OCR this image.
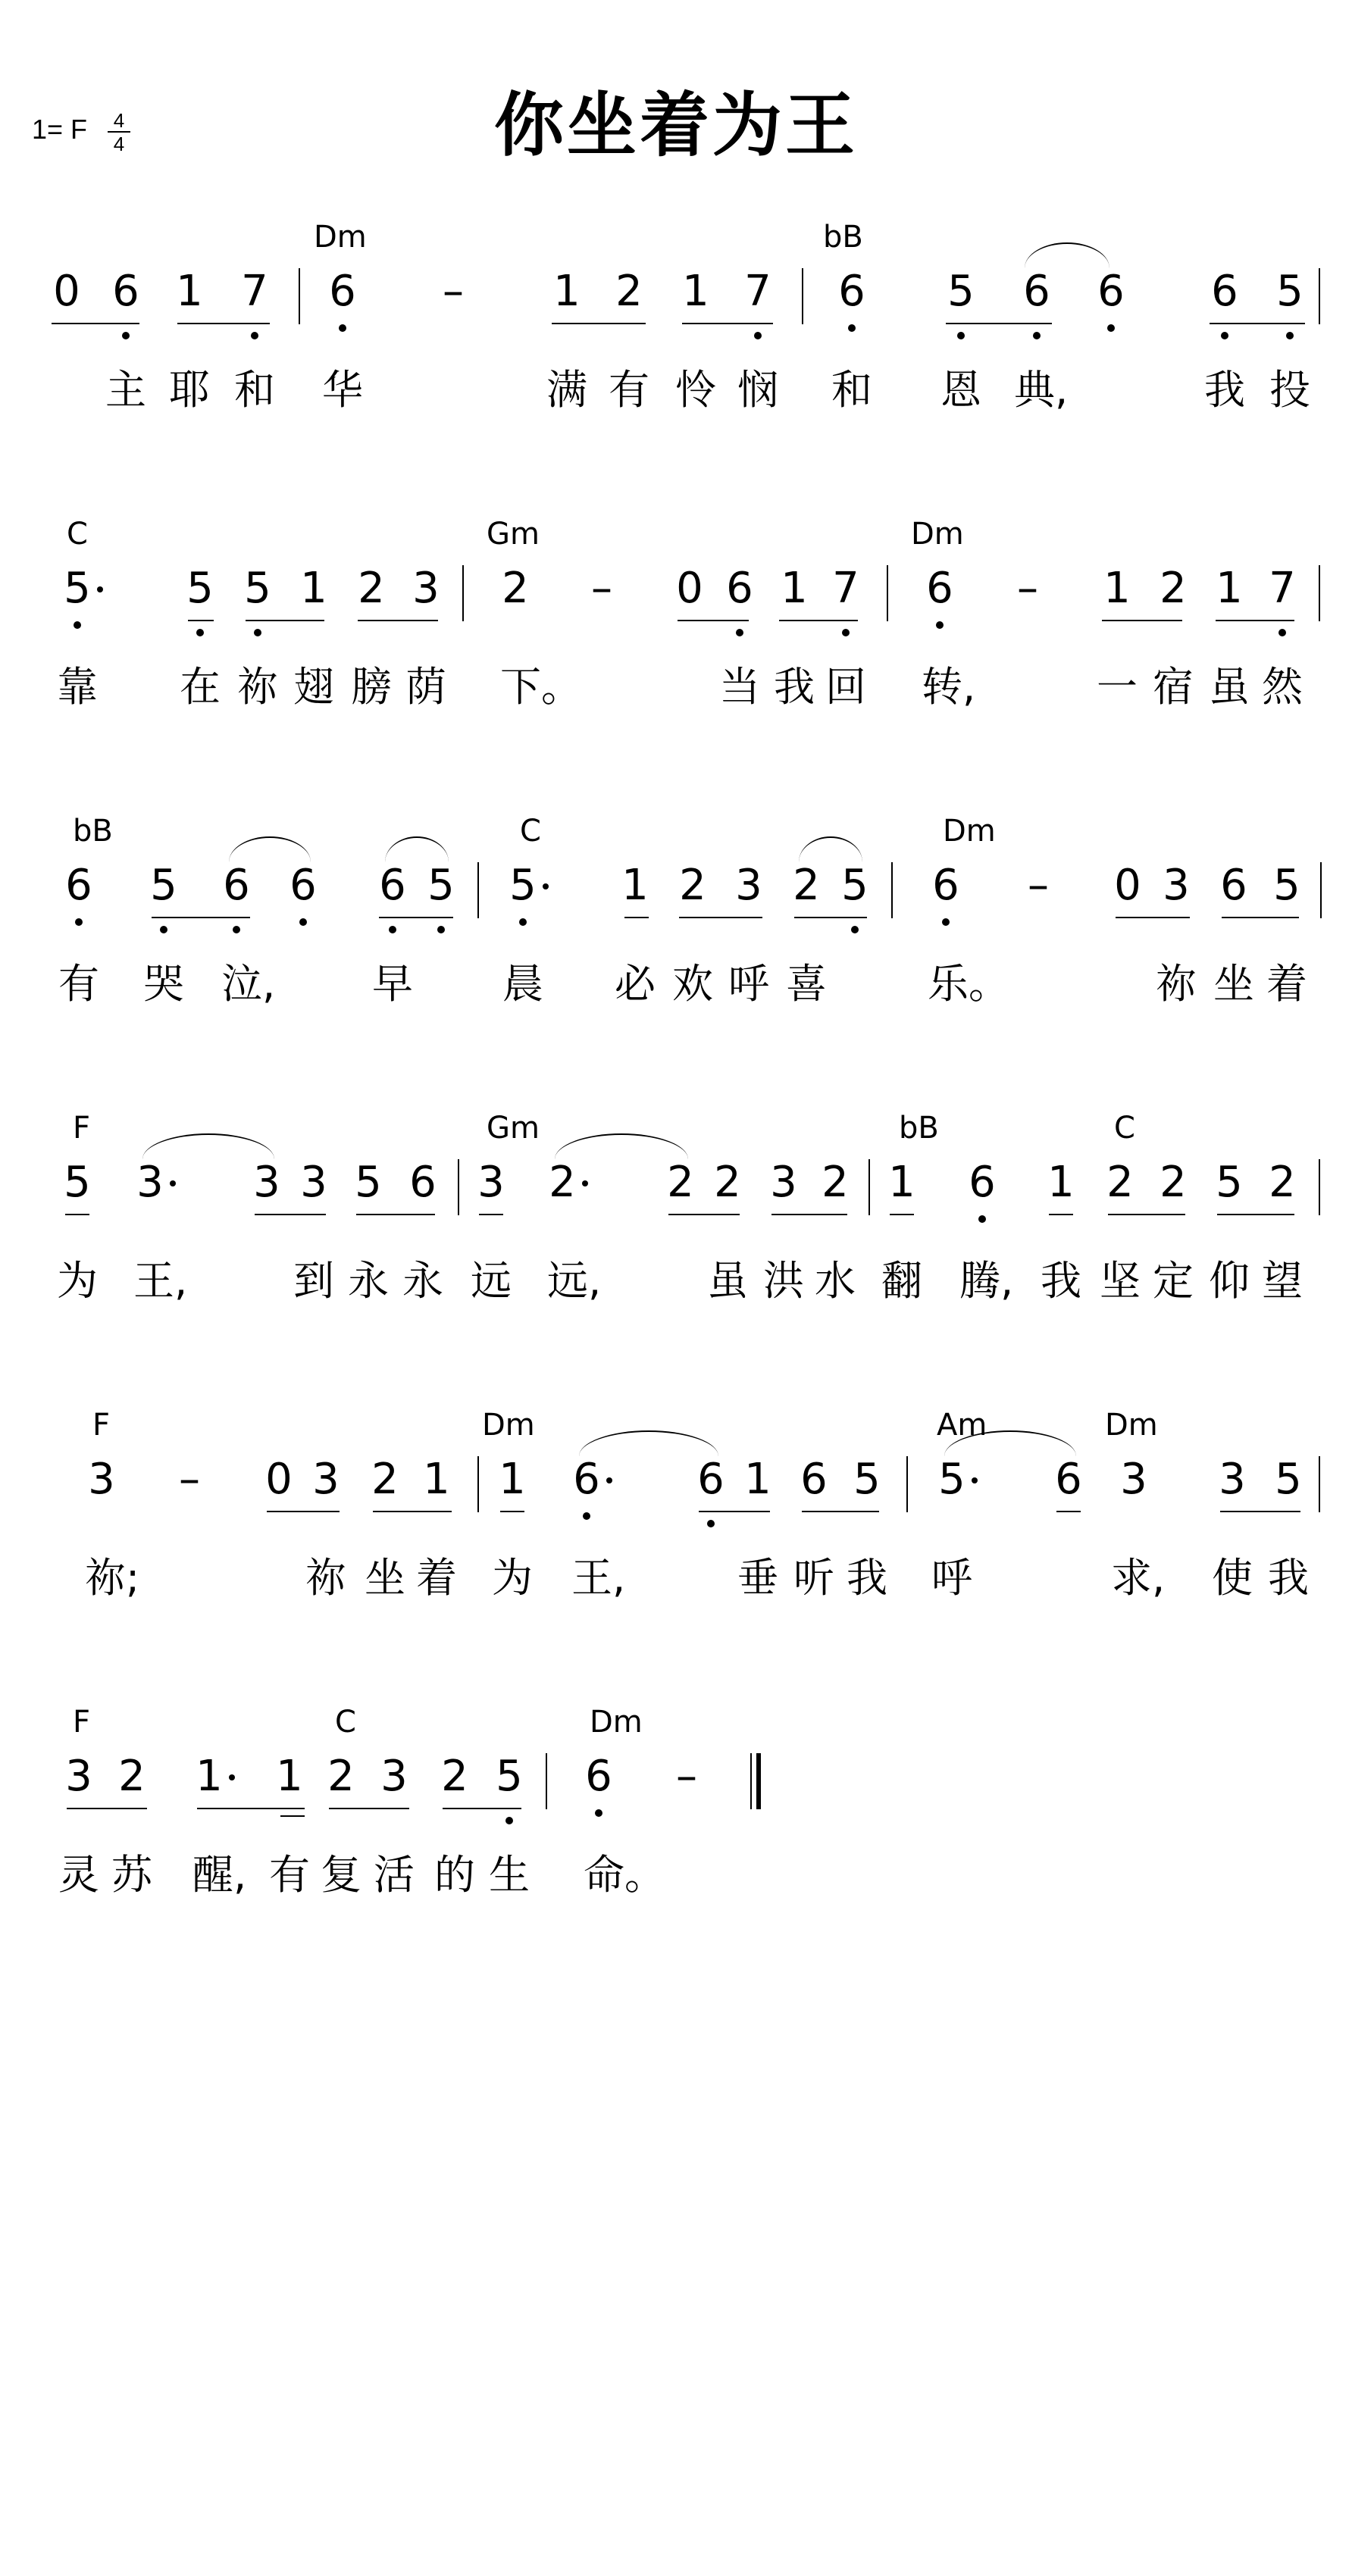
你坐着为王
1= F 4
4
Dm	bB
0 6 1 7 6 – 1 2 1 7 6 5 6 6 6 5
主 耶 和 华	满 有 怜 悯 和 恩 典,	我 投
C	Gm	Dm
5 5 5 1 2 3 2 – 0 6 1 7 6 – 1 2 1 7
靠 在 祢 翅 膀 荫 下。	当 我 回 转,	一 宿 虽 然
bB	C	Dm
6 5 6 6 6 5 5 1 2 3 2 5 6 – 0 3 6 5
有 哭 泣, 早 晨 必 欢 呼 喜 乐。	祢 坐 着
F	Gm	bB	C
5 3 3 3 5 6 3 2 2 2 3 2 1 6 1 2 2 5 2
为 王,	到 永 永 远 远,	虽 洪 水 翻 腾, 我 坚 定 仰 望
F	Dm	Am	Dm
3 – 0 3 2 1 1 6 6 1 6 5 5 6 3 3 5
祢;	祢 坐 着 为 王,	垂 听 我 呼	求, 使 我
F	C	Dm
3 2 1 1 2 3 2 5 6 –
灵 苏 醒, 有 复 活 的 生 命。
